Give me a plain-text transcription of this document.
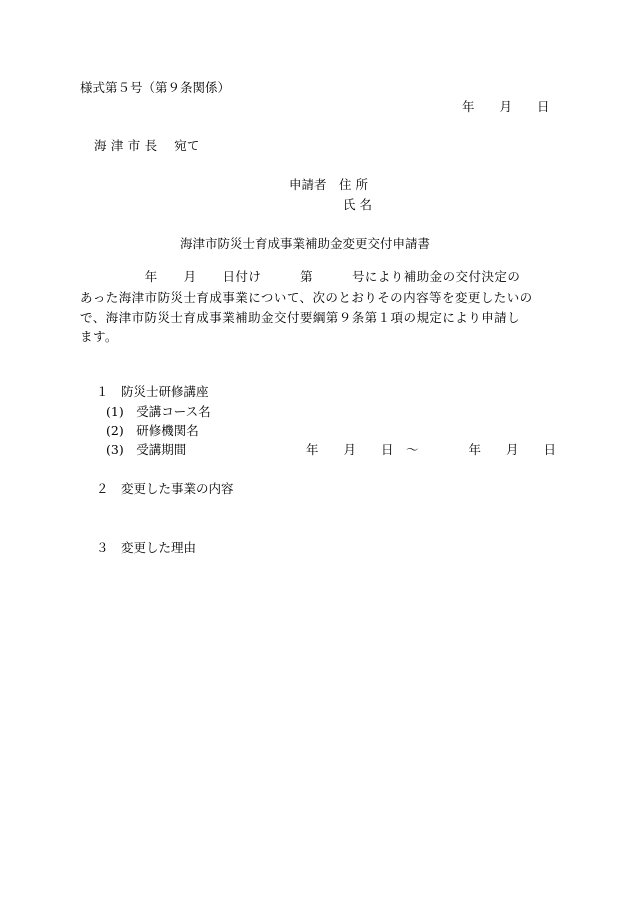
様式第５号（第９条関係）
年　　月　　日
海 津 市 長　 宛て
申請者　住 所
氏 名
海津市防災士育成事業補助金変更交付申請書
　　　　　年　　月　　日付け　　　第　　　号により補助金の交付決定の
あった海津市防災士育成事業について、次のとおりその内容等を変更したいの
で、海津市防災士育成事業補助金交付要綱第９条第１項の規定により申請し
ます。
１　防災士研修講座
(1)　受講コース名
(2)　研修機関名
(3)　受講期間	年　　月　　日　～　　　　年　　月　　日
２　変更した事業の内容
３　変更した理由
